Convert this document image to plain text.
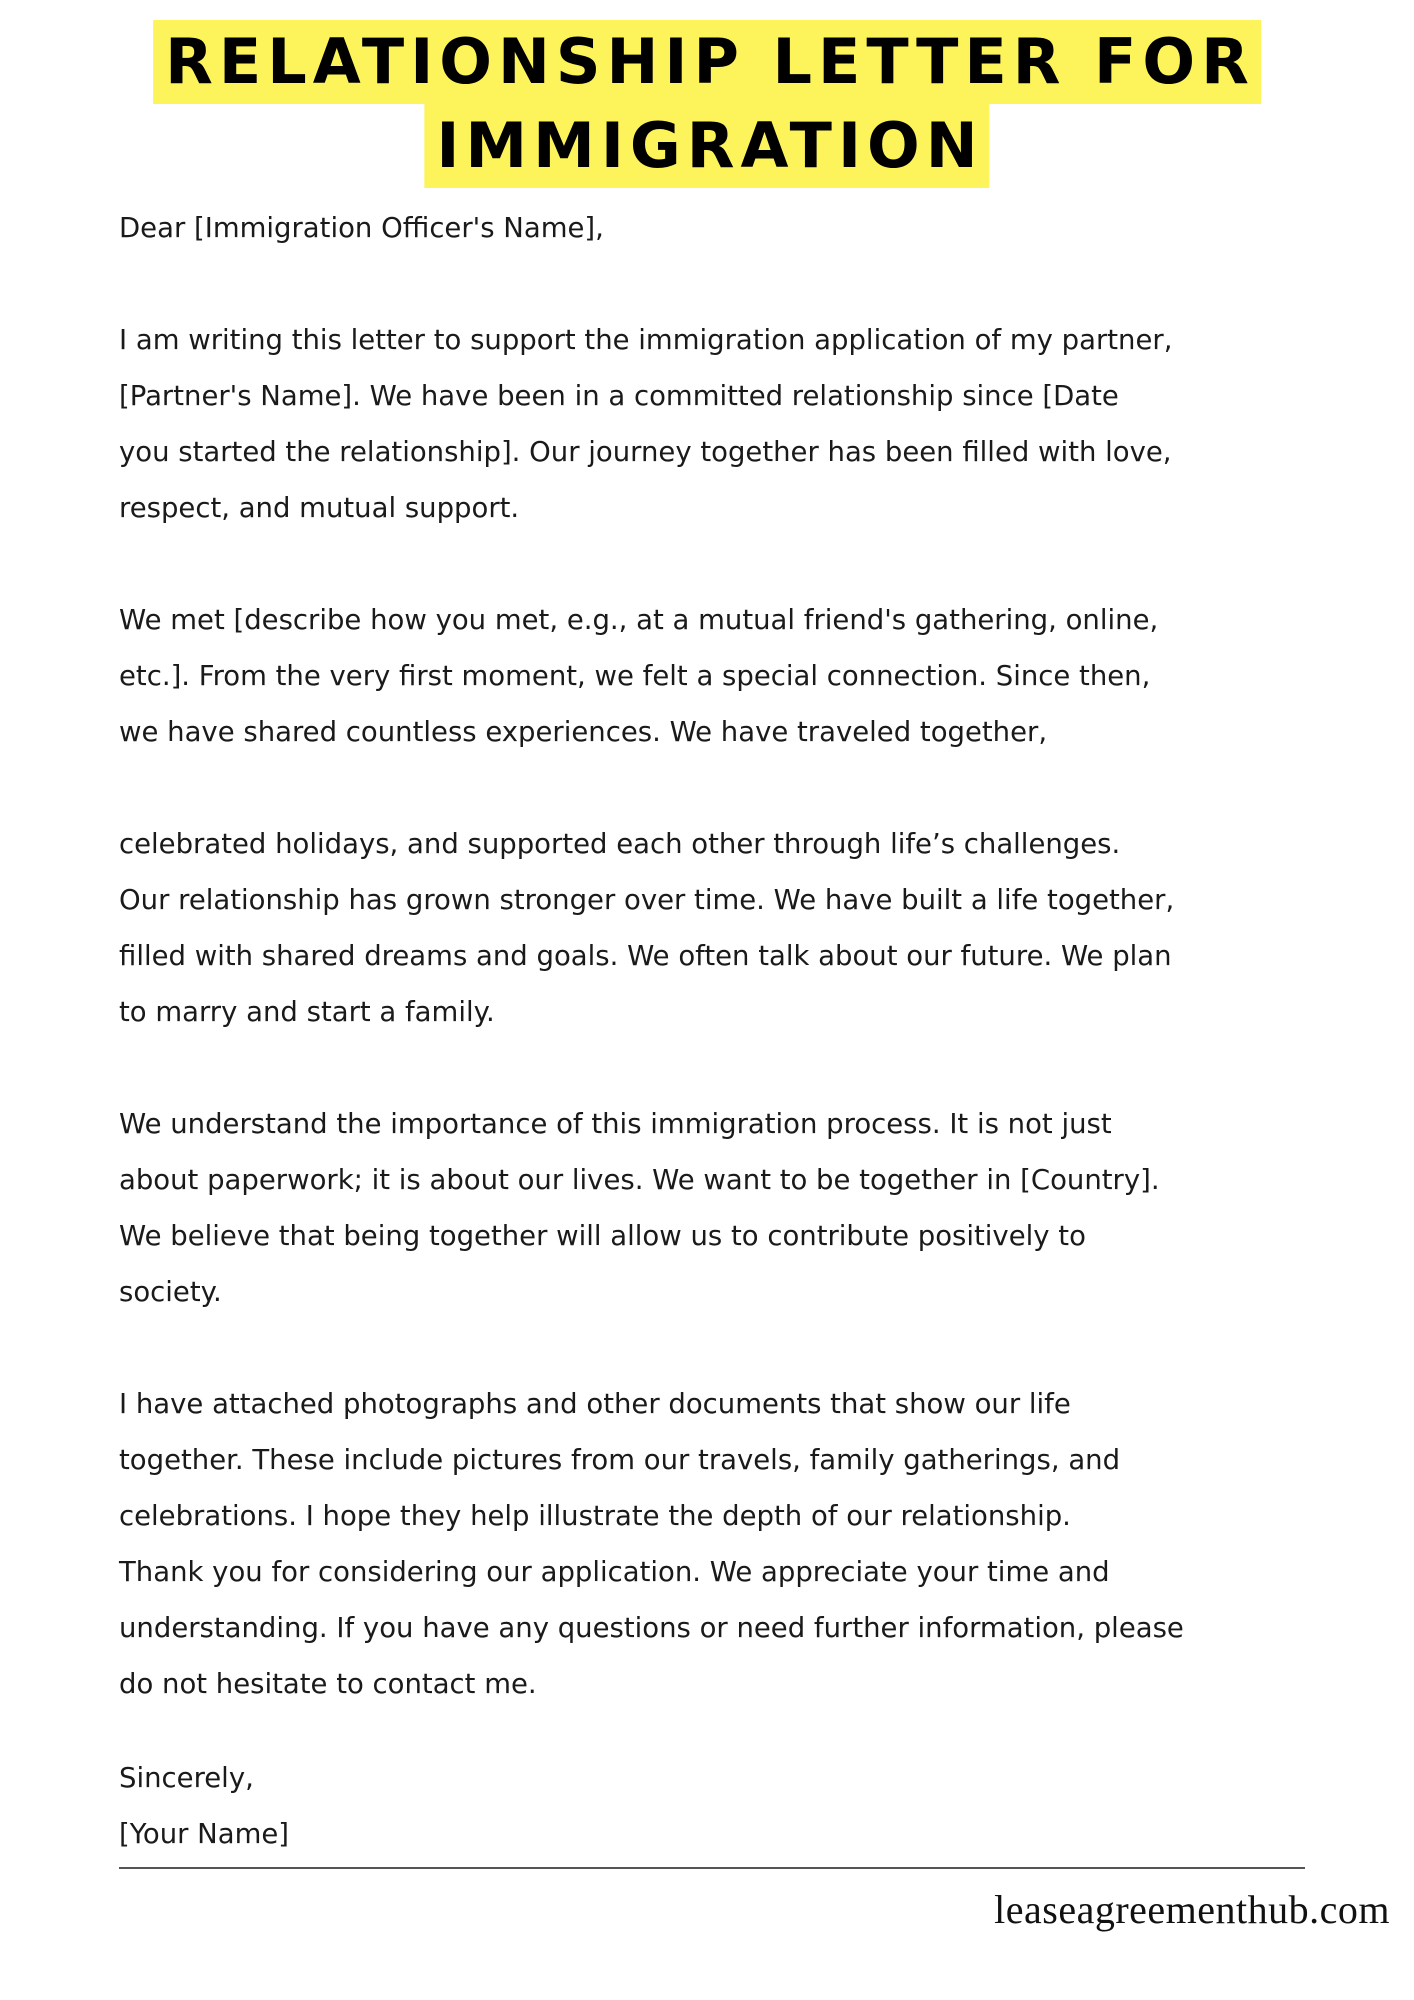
RELATIONSHIP LETTER FOR
IMMIGRATION

Dear [Immigration Officer's Name],

I am writing this letter to support the immigration application of my partner,
[Partner's Name]. We have been in a committed relationship since [Date
you started the relationship]. Our journey together has been filled with love,
respect, and mutual support.

We met [describe how you met, e.g., at a mutual friend's gathering, online,
etc.]. From the very first moment, we felt a special connection. Since then,
we have shared countless experiences. We have traveled together,

celebrated holidays, and supported each other through life’s challenges.
Our relationship has grown stronger over time. We have built a life together,
filled with shared dreams and goals. We often talk about our future. We plan
to marry and start a family.

We understand the importance of this immigration process. It is not just
about paperwork; it is about our lives. We want to be together in [Country].
We believe that being together will allow us to contribute positively to
society.

I have attached photographs and other documents that show our life
together. These include pictures from our travels, family gatherings, and
celebrations. I hope they help illustrate the depth of our relationship.
Thank you for considering our application. We appreciate your time and
understanding. If you have any questions or need further information, please
do not hesitate to contact me.

Sincerely,
[Your Name]
leaseagreementhub.com
